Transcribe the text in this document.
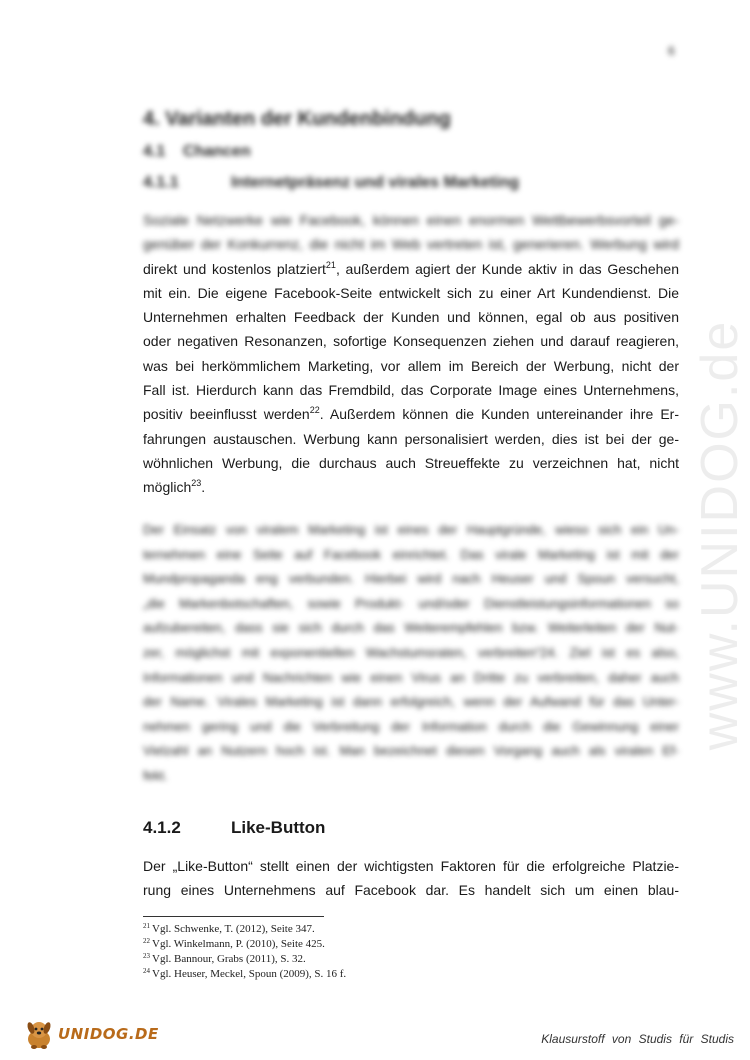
6
www.UNIDOG.de
4. Varianten der Kundenbindung
4.1 Chancen
4.1.1	Internetpräsenz und virales Marketing
Soziale Netzwerke wie Facebook, können einen enormen Wettbewerbsvorteil ge-
genüber der Konkurrenz, die nicht im Web vertreten ist, generieren. Werbung wird
direkt und kostenlos platziert$^{21}$, außerdem agiert der Kunde aktiv in das Geschehen
mit ein. Die eigene Facebook-Seite entwickelt sich zu einer Art Kundendienst. Die
Unternehmen erhalten Feedback der Kunden und können, egal ob aus positiven
oder negativen Resonanzen, sofortige Konsequenzen ziehen und darauf reagieren,
was bei herkömmlichem Marketing, vor allem im Bereich der Werbung, nicht der
Fall ist. Hierdurch kann das Fremdbild, das Corporate Image eines Unternehmens,
positiv beeinflusst werden$^{22}$. Außerdem können die Kunden untereinander ihre Er-
fahrungen austauschen. Werbung kann personalisiert werden, dies ist bei der ge-
wöhnlichen Werbung, die durchaus auch Streueffekte zu verzeichnen hat, nicht
möglich$^{23}$.
Der Einsatz von viralem Marketing ist eines der Hauptgründe, wieso sich ein Un-
ternehmen eine Seite auf Facebook einrichtet. Das virale Marketing ist mit der
Mundpropaganda eng verbunden. Hierbei wird nach Heuser und Spoun versucht,
„die Markenbotschaften, sowie Produkt- und/oder Dienstleistungsinformationen so
aufzubereiten, dass sie sich durch das Weiterempfehlen bzw. Weiterleiten der Nut-
zer, möglichst mit exponentiellen Wachstumsraten, verbreiten“24. Ziel ist es also,
Informationen und Nachrichten wie einen Virus an Dritte zu verbreiten, daher auch
der Name. Virales Marketing ist dann erfolgreich, wenn der Aufwand für das Unter-
nehmen gering und die Verbreitung der Information durch die Gewinnung einer
Vielzahl an Nutzern hoch ist. Man bezeichnet diesen Vorgang auch als viralen Ef-
fekt.
4.1.2	Like-Button
Der „Like-Button“ stellt einen der wichtigsten Faktoren für die erfolgreiche Platzie-
rung eines Unternehmens auf Facebook dar. Es handelt sich um einen blau-
$^{21}$ Vgl. Schwenke, T. (2012), Seite 347.
$^{22}$ Vgl. Winkelmann, P. (2010), Seite 425.
$^{23}$ Vgl. Bannour, Grabs (2011), S. 32.
$^{24}$ Vgl. Heuser, Meckel, Spoun (2009), S. 16 f.
UNIDOG.DE	Klausurstoff von Studis für Studis
